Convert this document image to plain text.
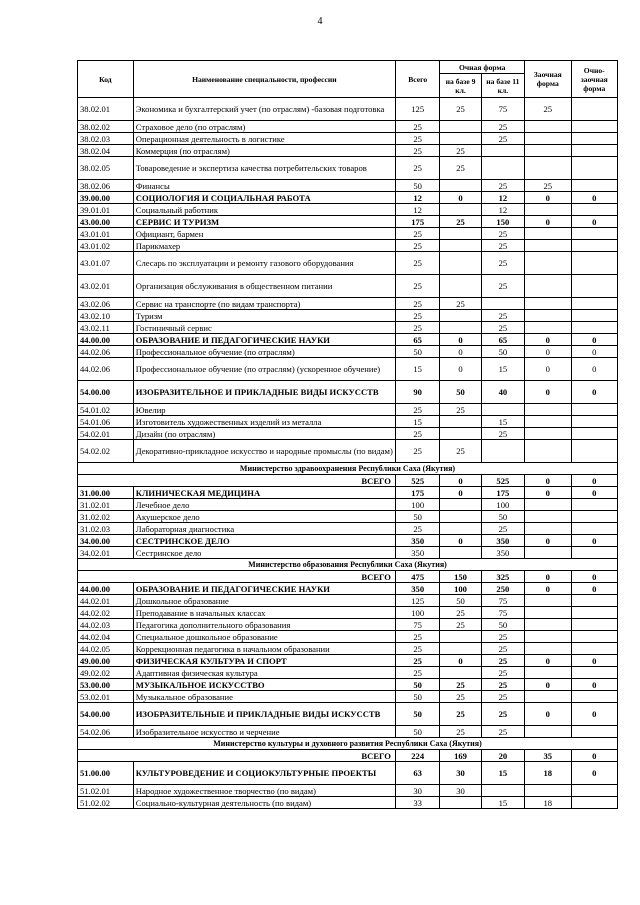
4
Код	Наименование специальности, профессии	Всего	Очная форма		Заочная форма	Очно-заочная форма
			на базе 9 кл.	на базе 11 кл.		
38.02.01	Экономика и бухгалтерский учет (по отраслям) -базовая подготовка	125	25	75	25	
38.02.02	Страховое дело (по отраслям)	25		25		
38.02.03	Операционная деятельность в логистике	25		25		
38.02.04	Коммерция (по отраслям)	25	25			
38.02.05	Товароведение и экспертиза качества потребительских товаров	25	25			
38.02.06	Финансы	50		25	25	
39.00.00	СОЦИОЛОГИЯ И СОЦИАЛЬНАЯ РАБОТА	12	0	12	0	0
39.01.01	Социальный работник	12		12		
43.00.00	СЕРВИС И ТУРИЗМ	175	25	150	0	0
43.01.01	Официант, бармен	25		25		
43.01.02	Парикмахер	25		25		
43.01.07	Слесарь по эксплуатации и ремонту газового оборудования	25		25		
43.02.01	Организация обслуживания в общественном питании	25		25		
43.02.06	Сервис на транспорте (по видам транспорта)	25	25			
43.02.10	Туризм	25		25		
43.02.11	Гостиничный сервис	25		25		
44.00.00	ОБРАЗОВАНИЕ И ПЕДАГОГИЧЕСКИЕ НАУКИ	65	0	65	0	0
44.02.06	Профессиональное обучение (по отраслям)	50	0	50	0	0
44.02.06	Профессиональное обучение (по отраслям) (ускоренное обучение)	15	0	15	0	0
54.00.00	ИЗОБРАЗИТЕЛЬНОЕ И ПРИКЛАДНЫЕ ВИДЫ ИСКУССТВ	90	50	40	0	0
54.01.02	Ювелир	25	25			
54.01.06	Изготовитель художественных изделий из металла	15		15		
54.02.01	Дизайн (по отраслям)	25		25		
54.02.02	Декоративно-прикладное искусство и народные промыслы (по видам)	25	25			
Министерство здравоохранения Республики Саха (Якутия)						
ВСЕГО		525	0	525	0	0
31.00.00	КЛИНИЧЕСКАЯ МЕДИЦИНА	175	0	175	0	0
31.02.01	Лечебное дело	100		100		
31.02.02	Акушерское дело	50		50		
31.02.03	Лабораторная диагностика	25		25		
34.00.00	СЕСТРИНСКОЕ ДЕЛО	350	0	350	0	0
34.02.01	Сестринское дело	350		350		
Министерство образования Республики Саха (Якутия)						
ВСЕГО		475	150	325	0	0
44.00.00	ОБРАЗОВАНИЕ И ПЕДАГОГИЧЕСКИЕ НАУКИ	350	100	250	0	0
44.02.01	Дошкольное образование	125	50	75		
44.02.02	Преподавание в начальных классах	100	25	75		
44.02.03	Педагогика дополнительного образования	75	25	50		
44.02.04	Специальное дошкольное образование	25		25		
44.02.05	Коррекционная педагогика в начальном образовании	25		25		
49.00.00	ФИЗИЧЕСКАЯ КУЛЬТУРА И СПОРТ	25	0	25	0	0
49.02.02	Адаптивная физическая культура	25		25		
53.00.00	МУЗЫКАЛЬНОЕ ИСКУССТВО	50	25	25	0	0
53.02.01	Музыкальное образование	50	25	25		
54.00.00	ИЗОБРАЗИТЕЛЬНЫЕ И ПРИКЛАДНЫЕ ВИДЫ ИСКУССТВ	50	25	25	0	0
54.02.06	Изобразительное искусство и черчение	50	25	25		
Министерство культуры и духовного развития Республики Саха (Якутия)						
ВСЕГО		224	169	20	35	0
51.00.00	КУЛЬТУРОВЕДЕНИЕ И СОЦИОКУЛЬТУРНЫЕ ПРОЕКТЫ	63	30	15	18	0
51.02.01	Народное художественное творчество (по видам)	30	30			
51.02.02	Социально-культурная деятельность (по видам)	33		15	18	
